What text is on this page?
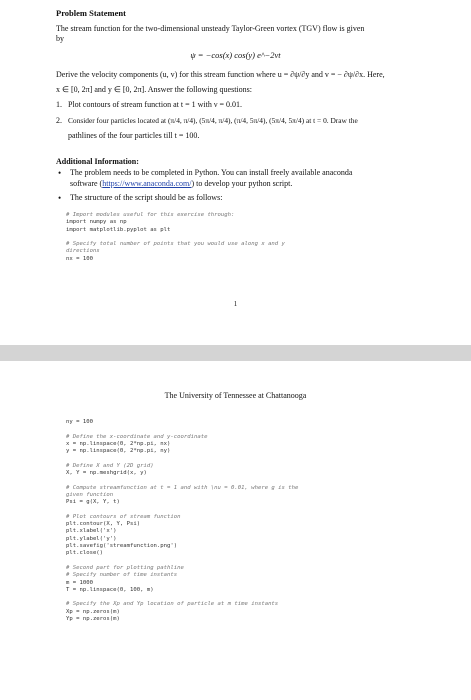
Problem Statement
The stream function for the two-dimensional unsteady Taylor-Green vortex (TGV) flow is given
by
ψ = −cos(x) cos(y) e^−2νt
Derive the velocity components (u, v) for this stream function where u = ∂ψ/∂y and v = − ∂ψ/∂x. Here,
x ∈ [0, 2π] and y ∈ [0, 2π]. Answer the following questions:
1. Plot contours of stream function at t = 1 with ν = 0.01.
2. Consider four particles located at (π/4, π/4), (5π/4, π/4), (π/4, 5π/4), (5π/4, 5π/4) at t = 0. Draw the
pathlines of the four particles till t = 100.
Additional Information:
• The problem needs to be completed in Python. You can install freely available anaconda
software (https://www.anaconda.com/) to develop your python script.
• The structure of the script should be as follows:
# Import modules useful for this exercise through:
import numpy as np
import matplotlib.pyplot as plt

# Specify total number of points that you would use along x and y
directions
nx = 100
1
The University of Tennessee at Chattanooga
ny = 100

# Define the x-coordinate and y-coordinate
x = np.linspace(0, 2*np.pi, nx)
y = np.linspace(0, 2*np.pi, ny)

# Define X and Y (2D grid)
X, Y = np.meshgrid(x, y)

# Compute streamfunction at t = 1 and with \nu = 0.01, where g is the
given function
Psi = g(X, Y, t)

# Plot contours of stream function
plt.contour(X, Y, Psi)
plt.xlabel('x')
plt.ylabel('y')
plt.savefig('streamfunction.png')
plt.close()

# Second part for plotting pathline
# Specify number of time instants
m = 1000
T = np.linspace(0, 100, m)

# Specify the Xp and Yp location of particle at m time instants
Xp = np.zeros(m)
Yp = np.zeros(m)
